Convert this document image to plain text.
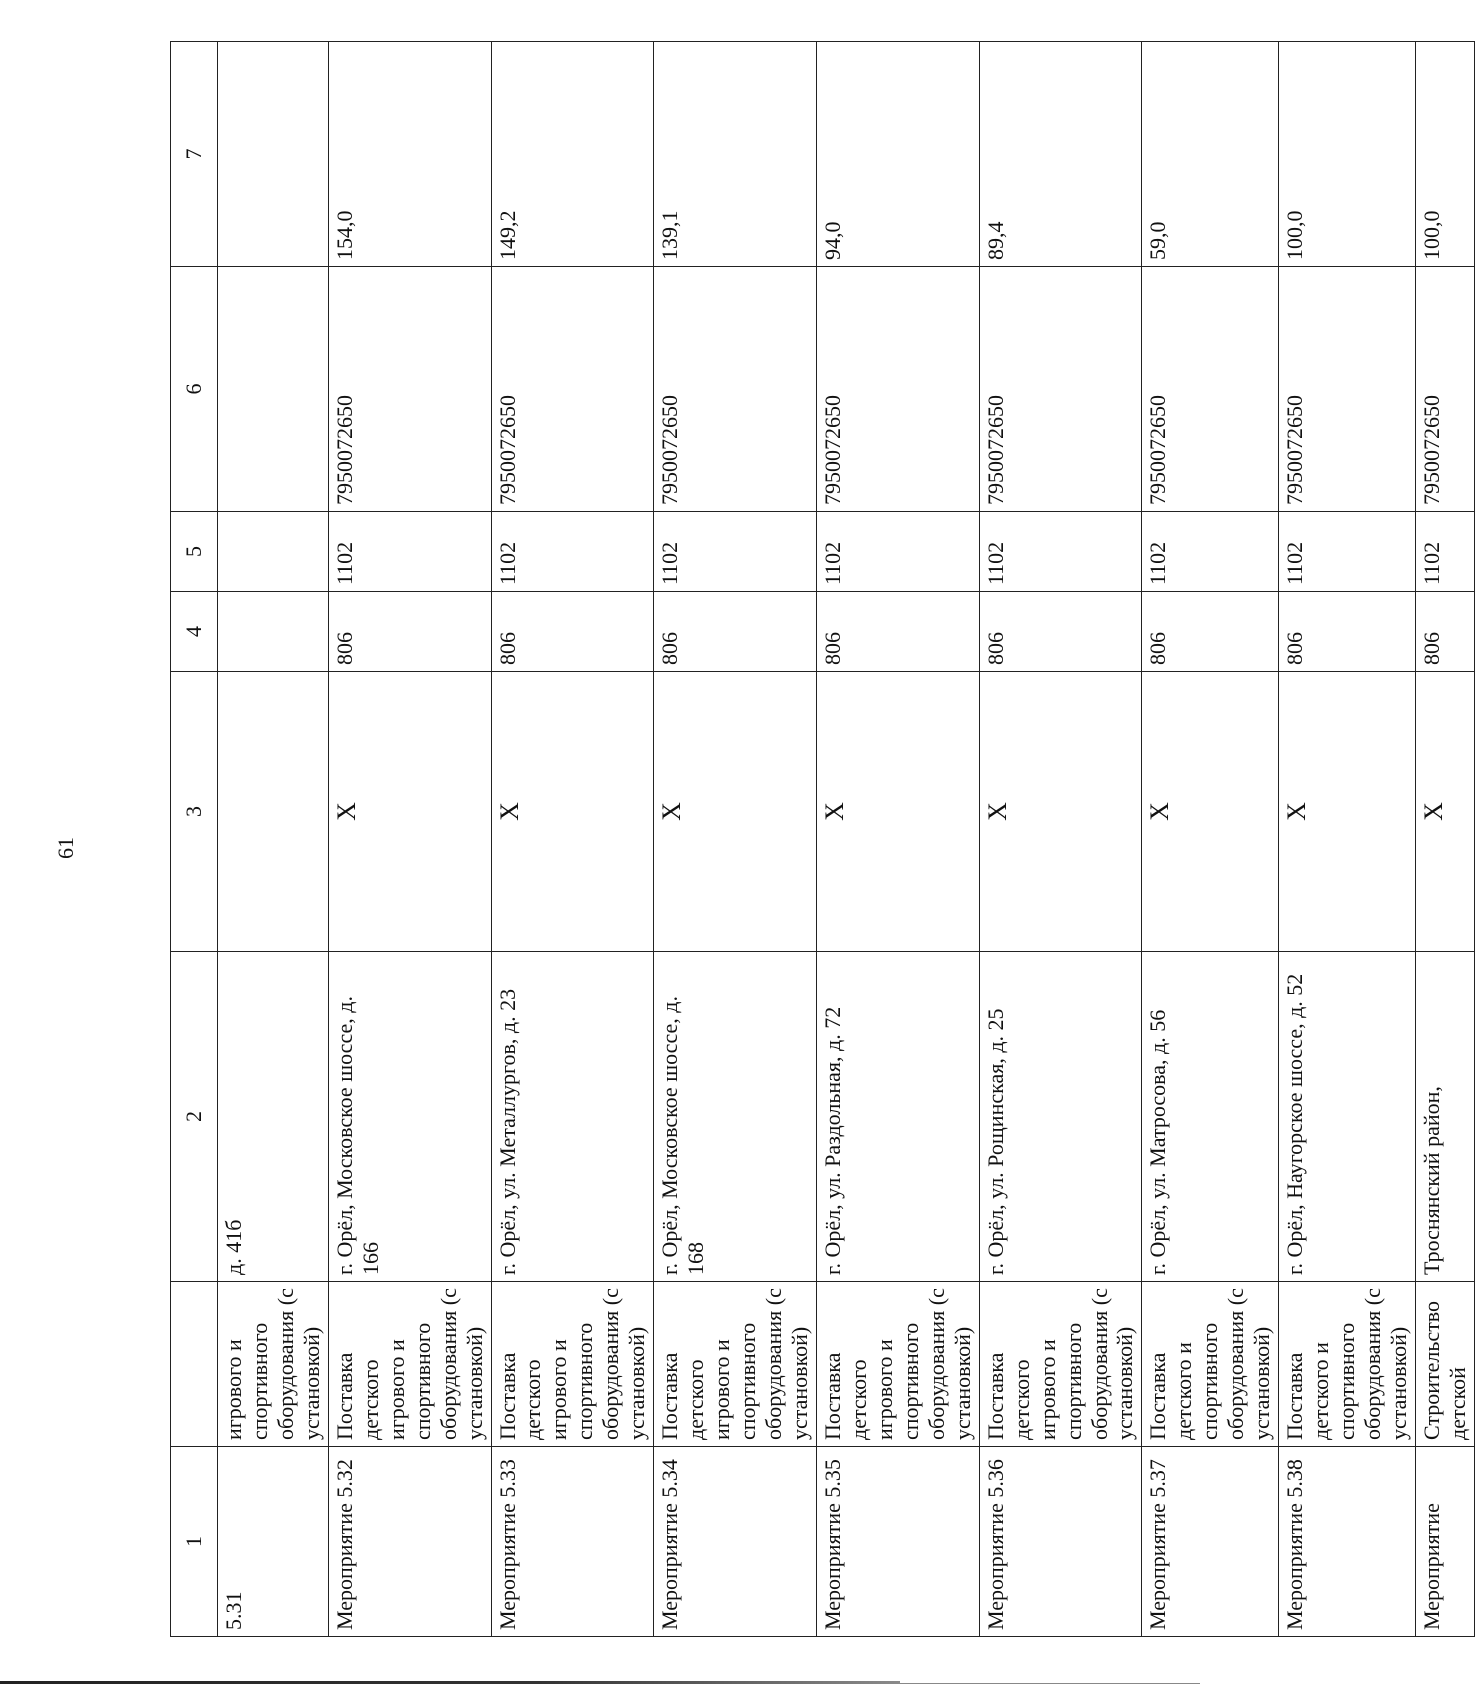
61
1		2	3	4	5	6	7
5.31	игрового и спортивного оборудования (с установкой)	д. 41б					
Мероприятие 5.32	Поставка детского игрового и спортивного оборудования (с установкой)	г. Орёл, Московское шоссе, д. 166	Х	806	1102	7950072650	154,0
Мероприятие 5.33	Поставка детского игрового и спортивного оборудования (с установкой)	г. Орёл, ул. Металлургов, д. 23	Х	806	1102	7950072650	149,2
Мероприятие 5.34	Поставка детского игрового и спортивного оборудования (с установкой)	г. Орёл, Московское шоссе, д. 168	Х	806	1102	7950072650	139,1
Мероприятие 5.35	Поставка детского игрового и спортивного оборудования (с установкой)	г. Орёл, ул. Раздольная, д. 72	Х	806	1102	7950072650	94,0
Мероприятие 5.36	Поставка детского игрового и спортивного оборудования (с установкой)	г. Орёл, ул. Рощинская, д. 25	Х	806	1102	7950072650	89,4
Мероприятие 5.37	Поставка детского и спортивного оборудования (с установкой)	г. Орёл, ул. Матросова, д. 56	Х	806	1102	7950072650	59,0
Мероприятие 5.38	Поставка детского и спортивного оборудования (с установкой)	г. Орёл, Наугорское шоссе, д. 52	Х	806	1102	7950072650	100,0
Мероприятие	Строительство детской	Троснянский район,	Х	806	1102	7950072650	100,0
